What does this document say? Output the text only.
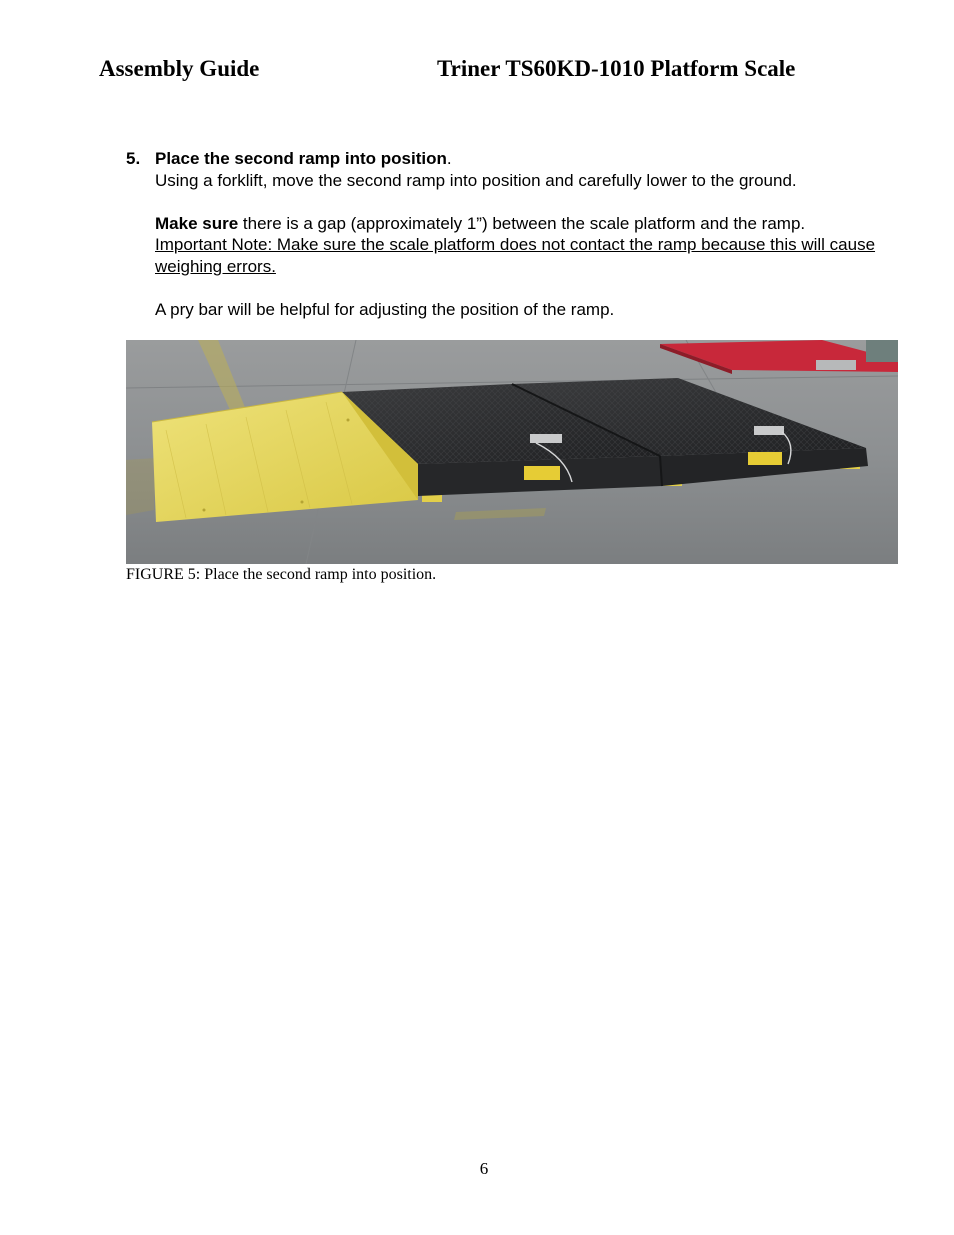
Assembly Guide	Triner TS60KD-1010 Platform Scale
5. Place the second ramp into position.

Using a forklift, move the second ramp into position and carefully lower to the ground.

Make sure there is a gap (approximately 1”) between the scale platform and the ramp.

Important Note: Make sure the scale platform does not contact the ramp because this will cause weighing errors.

A pry bar will be helpful for adjusting the position of the ramp.

FIGURE 5: Place the second ramp into position.
6
